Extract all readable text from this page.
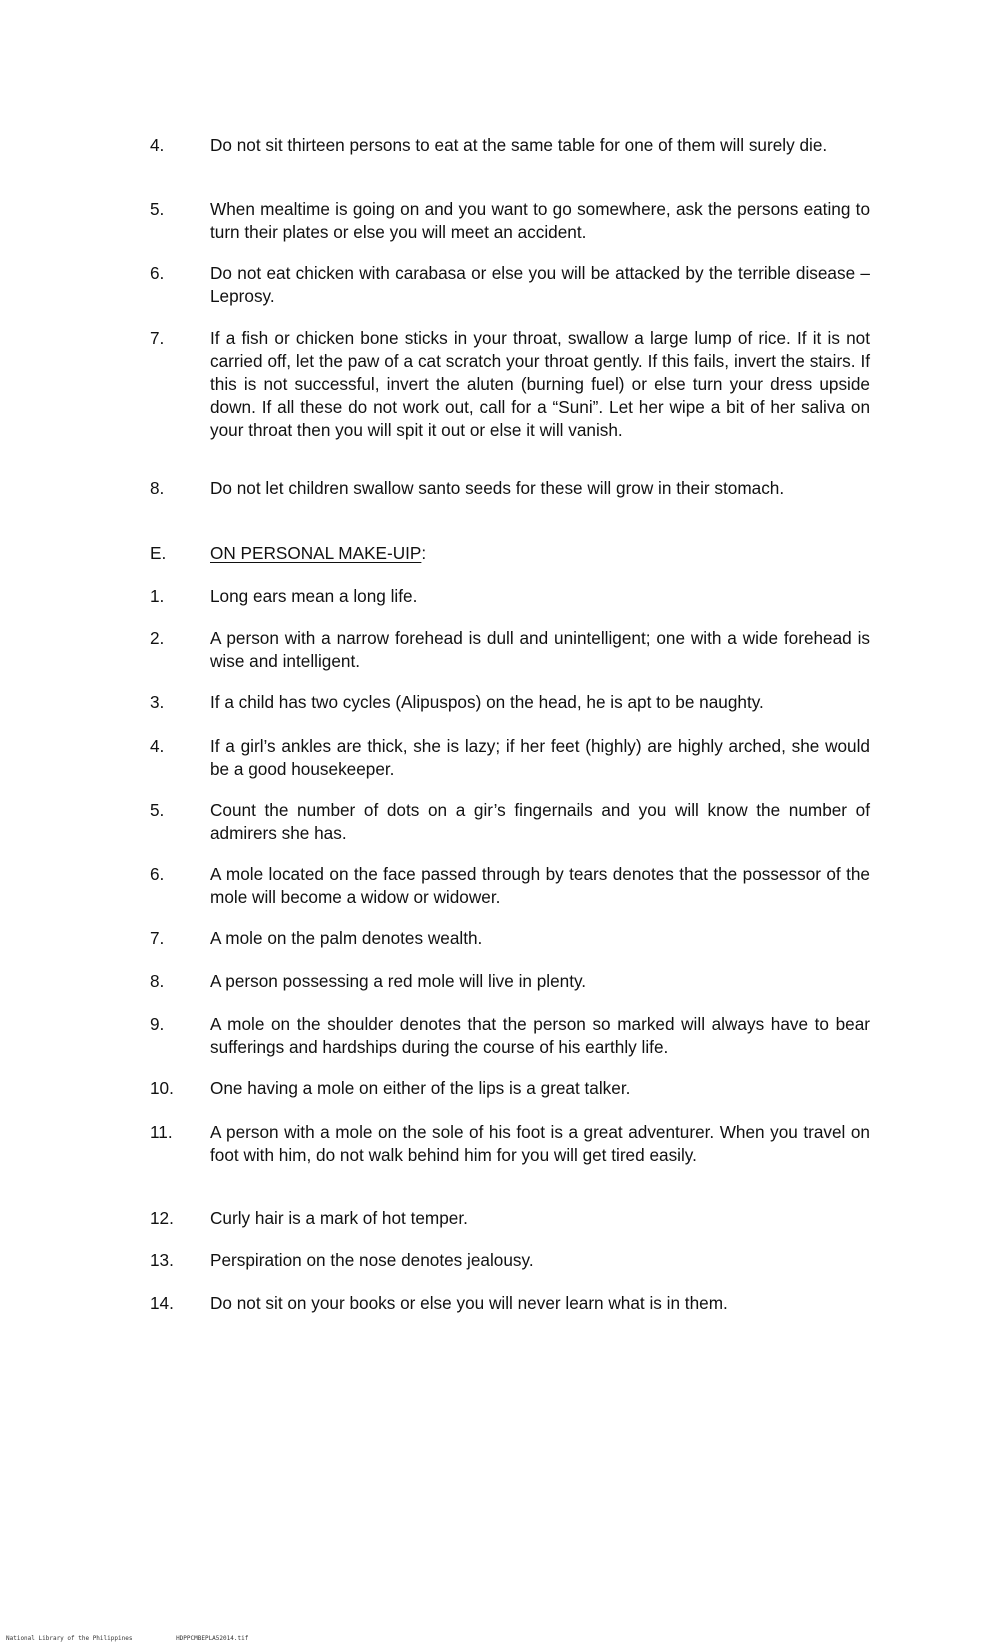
4.	Do not sit thirteen persons to eat at the same table for one of them will surely die.
5.	When mealtime is going on and you want to go somewhere, ask the persons eating to turn their plates or else you will meet an accident.
6.	Do not eat chicken with carabasa or else you will be attacked by the terrible disease – Leprosy.
7.	If a fish or chicken bone sticks in your throat, swallow a large lump of rice. If it is not carried off, let the paw of a cat scratch your throat gently. If this fails, invert the stairs. If this is not successful, invert the aluten (burning fuel) or else turn your dress upside down. If all these do not work out, call for a “Suni”. Let her wipe a bit of her saliva on your throat then you will spit it out or else it will vanish.
8.	Do not let children swallow santo seeds for these will grow in their stomach.
E.	ON PERSONAL MAKE-UIP:
1.	Long ears mean a long life.
2.	A person with a narrow forehead is dull and unintelligent; one with a wide forehead is wise and intelligent.
3.	If a child has two cycles (Alipuspos) on the head, he is apt to be naughty.
4.	If a girl’s ankles are thick, she is lazy; if her feet (highly) are highly arched, she would be a good housekeeper.
5.	Count the number of dots on a gir’s fingernails and you will know the number of admirers she has.
6.	A mole located on the face passed through by tears denotes that the possessor of the mole will become a widow or widower.
7.	A mole on the palm denotes wealth.
8.	A person possessing a red mole will live in plenty.
9.	A mole on the shoulder denotes that the person so marked will always have to bear sufferings and hardships during the course of his earthly life.
10.	One having a mole on either of the lips is a great talker.
11.	A person with a mole on the sole of his foot is a great adventurer. When you travel on foot with him, do not walk behind him for you will get tired easily.
12.	Curly hair is a mark of hot temper.
13.	Perspiration on the nose denotes jealousy.
14.	Do not sit on your books or else you will never learn what is in them.
National Library of the Philippines	HDPPCMBEPLA52014.tif
